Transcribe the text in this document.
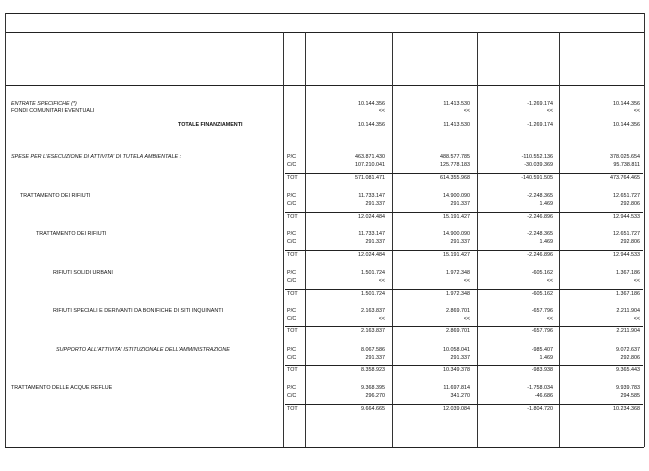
ENTRATE SPECIFICHE (*)	10.144.356	11.413.530	-1.269.174	10.144.356
FONDI COMUNITARI EVENTUALI	<<	<<	<<	<<
TOTALE FINANZIAMENTI	10.144.356	11.413.530	-1.269.174	10.144.356
SPESE PER L'ESECUZIONE DI ATTIVITA' DI TUTELA AMBIENTALE :	P/C	463.871.430	488.577.785	-110.552.136	378.025.654
C/C	107.210.041	125.778.183	-30.039.369	95.738.811
TOT	571.081.471	614.355.968	-140.591.505	473.764.465
TRATTAMENTO DEI RIFIUTI	P/C	11.733.147	14.900.090	-2.248.365	12.651.727
C/C	291.337	291.337	1.469	292.806
TOT	12.024.484	15.191.427	-2.246.896	12.944.533
TRATTAMENTO DEI RIFIUTI	P/C	11.733.147	14.900.090	-2.248.365	12.651.727
C/C	291.337	291.337	1.469	292.806
TOT	12.024.484	15.191.427	-2.246.896	12.944.533
RIFIUTI SOLIDI URBANI	P/C	1.501.724	1.972.348	-605.162	1.367.186
C/C	<<	<<	<<	<<
TOT	1.501.724	1.972.348	-605.162	1.367.186
RIFIUTI SPECIALI E DERIVANTI DA BONIFICHE DI SITI INQUINANTI	P/C	2.163.837	2.869.701	-657.796	2.211.904
C/C	<<	<<	<<	<<
TOT	2.163.837	2.869.701	-657.796	2.211.904
SUPPORTO ALL'ATTIVITA' ISTITUZIONALE DELL'AMMINISTRAZIONE	P/C	8.067.586	10.058.041	-985.407	9.072.637
C/C	291.337	291.337	1.469	292.806
TOT	8.358.923	10.349.378	-983.938	9.365.443
TRATTAMENTO DELLE ACQUE REFLUE	P/C	9.368.395	11.697.814	-1.758.034	9.939.783
C/C	296.270	341.270	-46.686	294.585
TOT	9.664.665	12.039.084	-1.804.720	10.234.368
